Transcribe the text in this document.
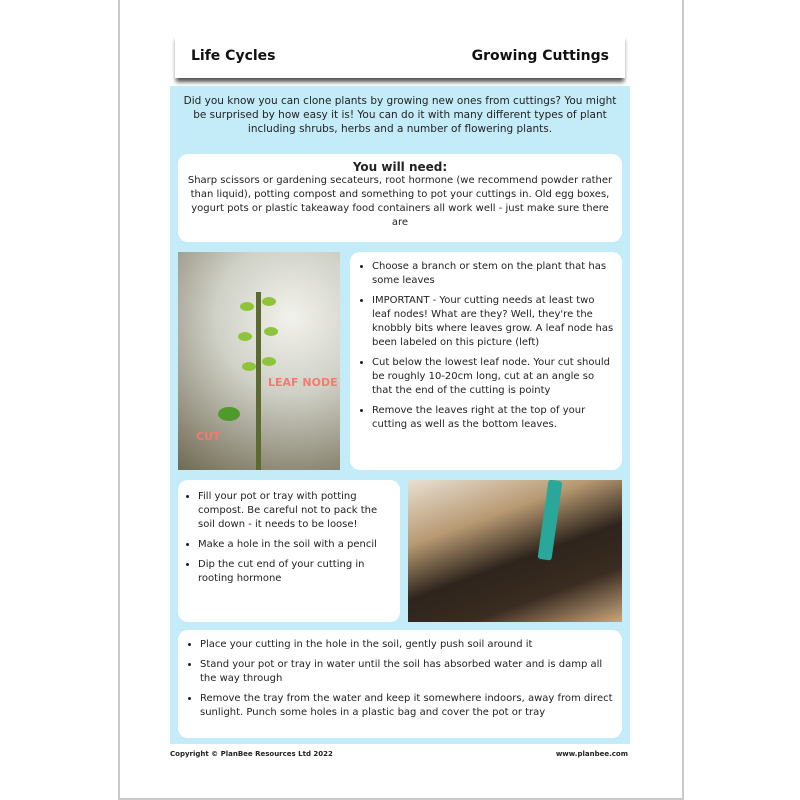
Life Cycles	Growing Cuttings
Did you know you can clone plants by growing new ones from cuttings? You might be surprised by how easy it is! You can do it with many different types of plant including shrubs, herbs and a number of flowering plants.
You will need:
Sharp scissors or gardening secateurs, root hormone (we recommend powder rather than liquid), potting compost and something to pot your cuttings in. Old egg boxes, yogurt pots or plastic takeaway food containers all work well - just make sure there are
LEAF NODE
CUT
• Choose a branch or stem on the plant that has some leaves
• IMPORTANT - Your cutting needs at least two leaf nodes! What are they? Well, they're the knobbly bits where leaves grow. A leaf node has been labeled on this picture (left)
• Cut below the lowest leaf node. Your cut should be roughly 10-20cm long, cut at an angle so that the end of the cutting is pointy
• Remove the leaves right at the top of your cutting as well as the bottom leaves.
• Fill your pot or tray with potting compost. Be careful not to pack the soil down - it needs to be loose!
• Make a hole in the soil with a pencil
• Dip the cut end of your cutting in rooting hormone
• Place your cutting in the hole in the soil, gently push soil around it
• Stand your pot or tray in water until the soil has absorbed water and is damp all the way through
• Remove the tray from the water and keep it somewhere indoors, away from direct sunlight. Punch some holes in a plastic bag and cover the pot or tray
Copyright © PlanBee Resources Ltd 2022	www.planbee.com
